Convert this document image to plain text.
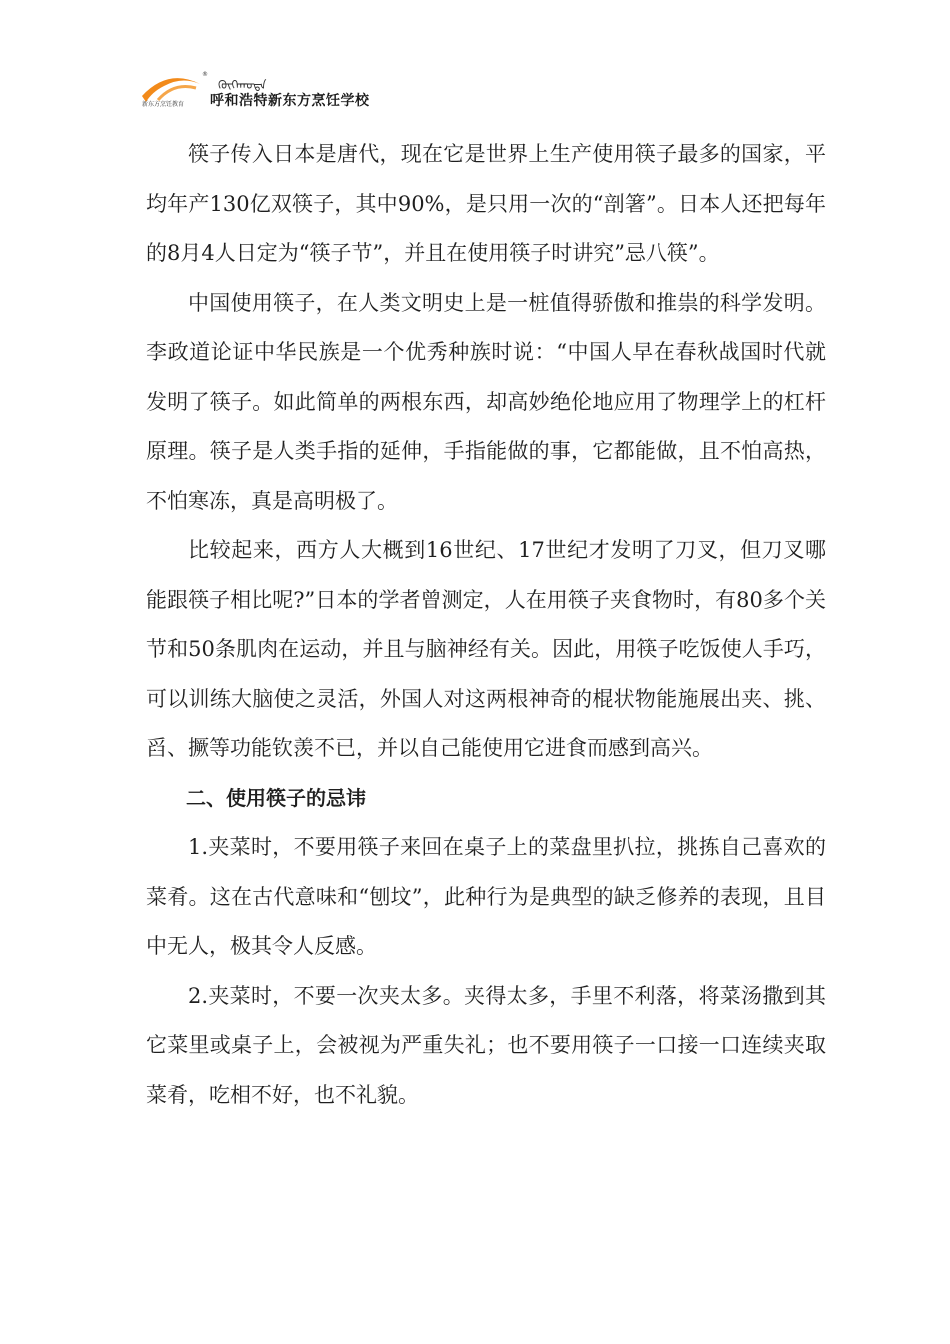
新东方烹饪教育
®
ᠬᠥᠬᠡᠬᠣᠲᠠ
呼和浩特新东方烹饪学校

筷子传入日本是唐代，现在它是世界上生产使用筷子最多的国家，平均年产130亿双筷子，其中90%，是只用一次的“剖箸”。日本人还把每年的8月4人日定为“筷子节”，并且在使用筷子时讲究”忌八筷”。

中国使用筷子，在人类文明史上是一桩值得骄傲和推祟的科学发明。李政道论证中华民族是一个优秀种族时说：“中国人早在春秋战国时代就发明了筷子。如此简单的两根东西，却高妙绝伦地应用了物理学上的杠杆原理。筷子是人类手指的延伸，手指能做的事，它都能做，且不怕高热，不怕寒冻，真是高明极了。

比较起来，西方人大概到16世纪、17世纪才发明了刀叉，但刀叉哪能跟筷子相比呢?”日本的学者曾测定，人在用筷子夹食物时，有80多个关节和50条肌肉在运动，并且与脑神经有关。因此，用筷子吃饭使人手巧，可以训练大脑使之灵活，外国人对这两根神奇的棍状物能施展出夹、挑、舀、撅等功能钦羡不已，并以自己能使用它进食而感到高兴。

二、使用筷子的忌讳

1.夹菜时，不要用筷子来回在桌子上的菜盘里扒拉，挑拣自己喜欢的菜肴。这在古代意味和“刨坟”，此种行为是典型的缺乏修养的表现，且目中无人，极其令人反感。

2.夹菜时，不要一次夹太多。夹得太多，手里不利落，将菜汤撒到其它菜里或桌子上，会被视为严重失礼；也不要用筷子一口接一口连续夹取菜肴，吃相不好，也不礼貌。
